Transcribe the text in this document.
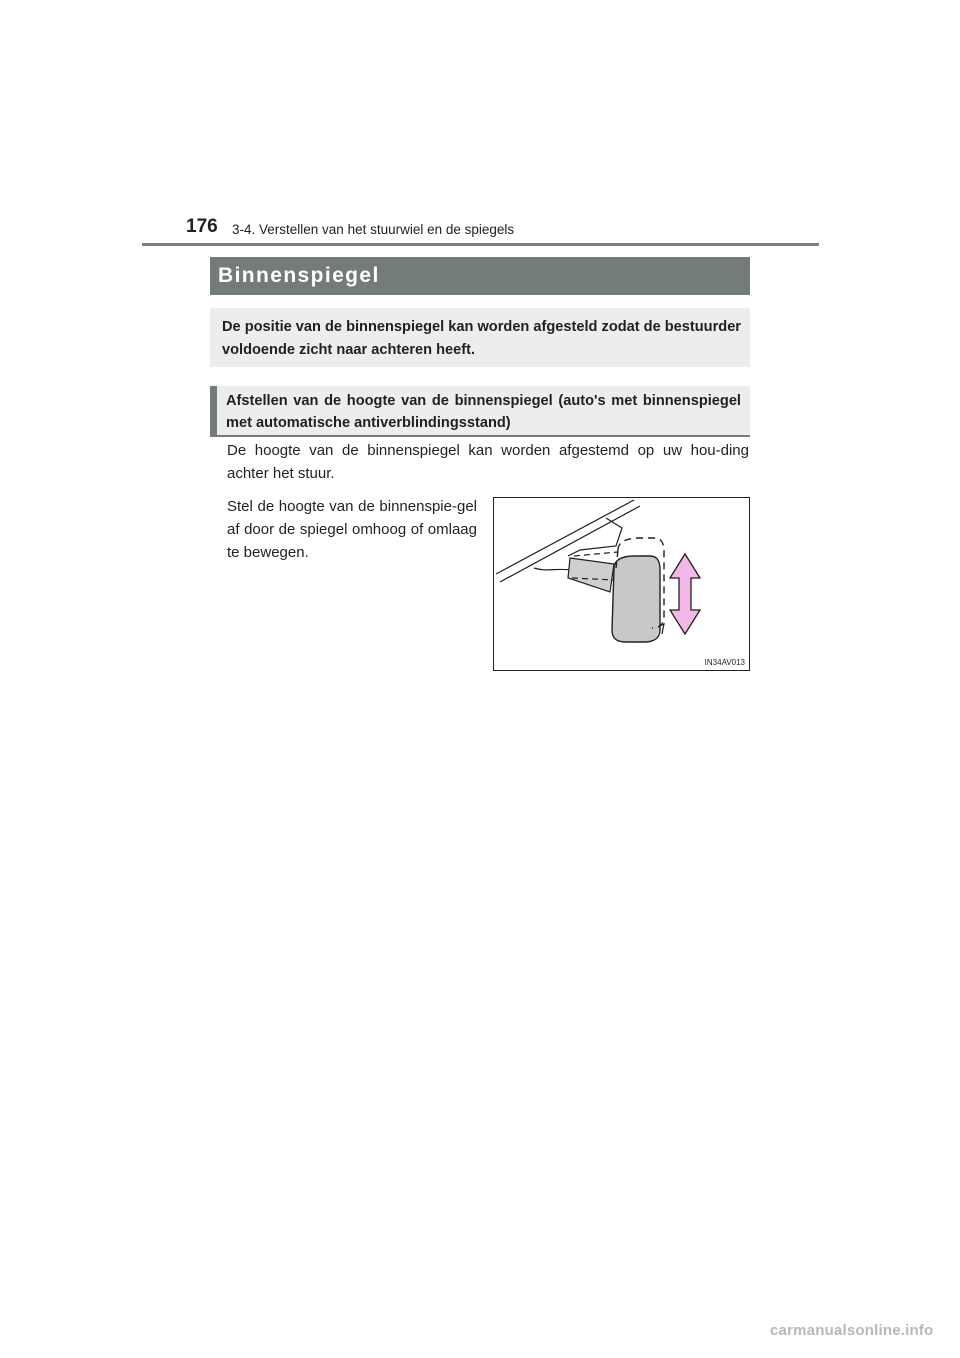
176 3-4. Verstellen van het stuurwiel en de spiegels
Binnenspiegel
De positie van de binnenspiegel kan worden afgesteld zodat de bestuurder voldoende zicht naar achteren heeft.
Afstellen van de hoogte van de binnenspiegel (auto's met binnenspiegel met automatische antiverblindingsstand)
De hoogte van de binnenspiegel kan worden afgestemd op uw hou-ding achter het stuur.
Stel de hoogte van de binnenspie-gel af door de spiegel omhoog of omlaag te bewegen.
IN34AV013
carmanualsonline.info
